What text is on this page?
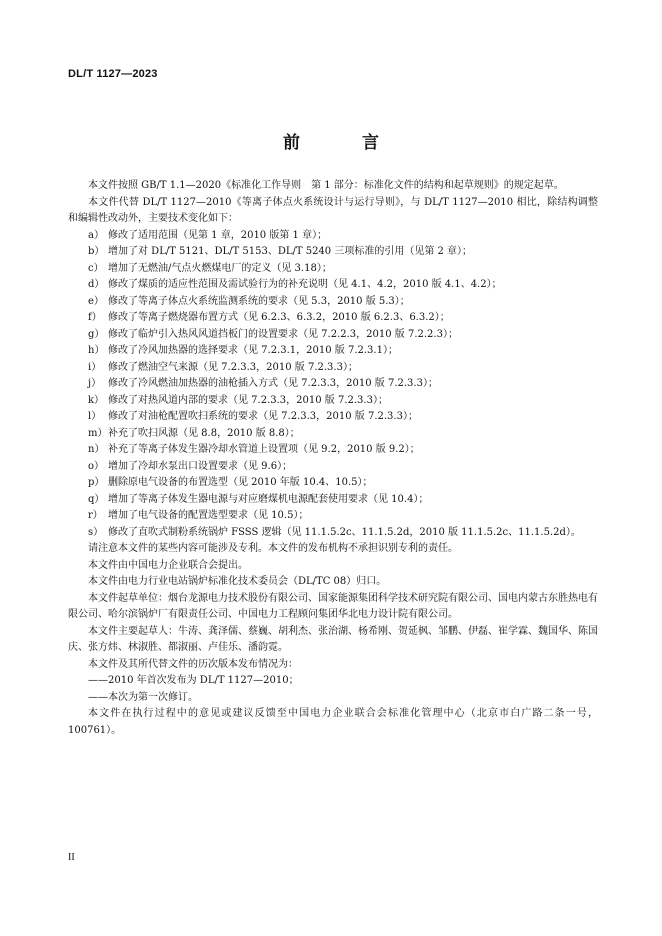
DL/T 1127—2023
前 言

本文件按照 GB/T 1.1—2020《标准化工作导则　第 1 部分：标准化文件的结构和起草规则》的规定起草。

本文件代替 DL/T 1127—2010《等离子体点火系统设计与运行导则》，与 DL/T 1127—2010 相比，除结构调整和编辑性改动外，主要技术变化如下：

a） 修改了适用范围（见第 1 章，2010 版第 1 章）；
b） 增加了对 DL/T 5121、DL/T 5153、DL/T 5240 三项标准的引用（见第 2 章）；
c） 增加了无燃油/气点火燃煤电厂的定义（见 3.18）；
d） 修改了煤质的适应性范围及需试验行为的补充说明（见 4.1、4.2，2010 版 4.1、4.2）；
e） 修改了等离子体点火系统监测系统的要求（见 5.3，2010 版 5.3）；
f） 修改了等离子燃烧器布置方式（见 6.2.3、6.3.2，2010 版 6.2.3、6.3.2）；
g） 修改了临炉引入热风风道挡板门的设置要求（见 7.2.2.3，2010 版 7.2.2.3）；
h） 修改了冷风加热器的选择要求（见 7.2.3.1，2010 版 7.2.3.1）；
i） 修改了燃油空气来源（见 7.2.3.3，2010 版 7.2.3.3）；
j） 修改了冷风燃油加热器的油枪插入方式（见 7.2.3.3，2010 版 7.2.3.3）；
k） 修改了对热风道内部的要求（见 7.2.3.3，2010 版 7.2.3.3）；
l） 修改了对油枪配置吹扫系统的要求（见 7.2.3.3，2010 版 7.2.3.3）；
m） 补充了吹扫风源（见 8.8，2010 版 8.8）；
n） 补充了等离子体发生器冷却水管道上设置项（见 9.2，2010 版 9.2）；
o） 增加了冷却水泵出口设置要求（见 9.6）；
p） 删除原电气设备的布置选型（见 2010 年版 10.4、10.5）；
q） 增加了等离子体发生器电源与对应磨煤机电源配套使用要求（见 10.4）；
r） 增加了电气设备的配置选型要求（见 10.5）；
s） 修改了直吹式制粉系统锅炉 FSSS 逻辑（见 11.1.5.2c、11.1.5.2d，2010 版 11.1.5.2c、11.1.5.2d）。

请注意本文件的某些内容可能涉及专利。本文件的发布机构不承担识别专利的责任。

本文件由中国电力企业联合会提出。

本文件由电力行业电站锅炉标准化技术委员会（DL/TC 08）归口。

本文件起草单位：烟台龙源电力技术股份有限公司、国家能源集团科学技术研究院有限公司、国电内蒙古东胜热电有限公司、哈尔滨锅炉厂有限责任公司、中国电力工程顾问集团华北电力设计院有限公司。

本文件主要起草人：牛涛、龚泽儒、蔡巍、胡利杰、张治湖、杨希刚、贺延枫、邹鹏、伊磊、崔学霖、魏国华、陈国庆、张方炜、林淑胜、都淑丽、卢佳乐、潘韵霓。

本文件及其所代替文件的历次版本发布情况为：

——2010 年首次发布为 DL/T 1127—2010；

——本次为第一次修订。

本文件在执行过程中的意见或建议反馈至中国电力企业联合会标准化管理中心（北京市白广路二条一号，100761）。

II
